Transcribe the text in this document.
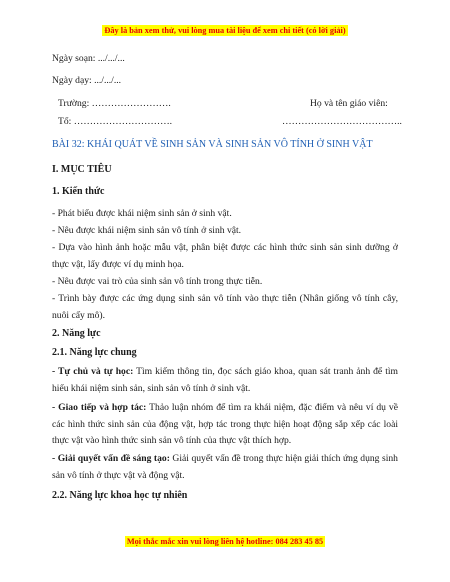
Đây là bản xem thử, vui lòng mua tài liệu để xem chi tiết (có lời giải)
Ngày soạn: .../.../...
Ngày dạy: .../.../...
Trường: …………………….	Họ và tên giáo viên:
Tổ: ………………………….	………………………………..
BÀI 32: KHÁI QUÁT VỀ SINH SẢN VÀ SINH SẢN VÔ TÍNH Ở SINH VẬT
I. MỤC TIÊU
1. Kiến thức
- Phát biểu được khái niệm sinh sản ở sinh vật.
- Nêu được khái niệm sinh sản vô tính ở sinh vật.
- Dựa vào hình ảnh hoặc mẫu vật, phân biệt được các hình thức sinh sản sinh dưỡng ở thực vật, lấy được ví dụ minh họa.
- Nêu được vai trò của sinh sản vô tính trong thực tiễn.
- Trình bày được các ứng dụng sinh sản vô tính vào thực tiễn (Nhân giống vô tính cây, nuôi cấy mô).
2. Năng lực
2.1. Năng lực chung
- Tự chủ và tự học: Tìm kiếm thông tin, đọc sách giáo khoa, quan sát tranh ảnh để tìm hiểu khái niệm sinh sản, sinh sản vô tính ở sinh vật.
- Giao tiếp và hợp tác: Thảo luận nhóm để tìm ra khái niệm, đặc điểm và nêu ví dụ về các hình thức sinh sản của động vật, hợp tác trong thực hiện hoạt động sắp xếp các loài thực vật vào hình thức sinh sản vô tính của thực vật thích hợp.
- Giải quyết vấn đề sáng tạo: Giải quyết vấn đề trong thực hiện giải thích ứng dụng sinh sản vô tính ở thực vật và động vật.
2.2. Năng lực khoa học tự nhiên
Mọi thắc mắc xin vui lòng liên hệ hotline: 084 283 45 85
